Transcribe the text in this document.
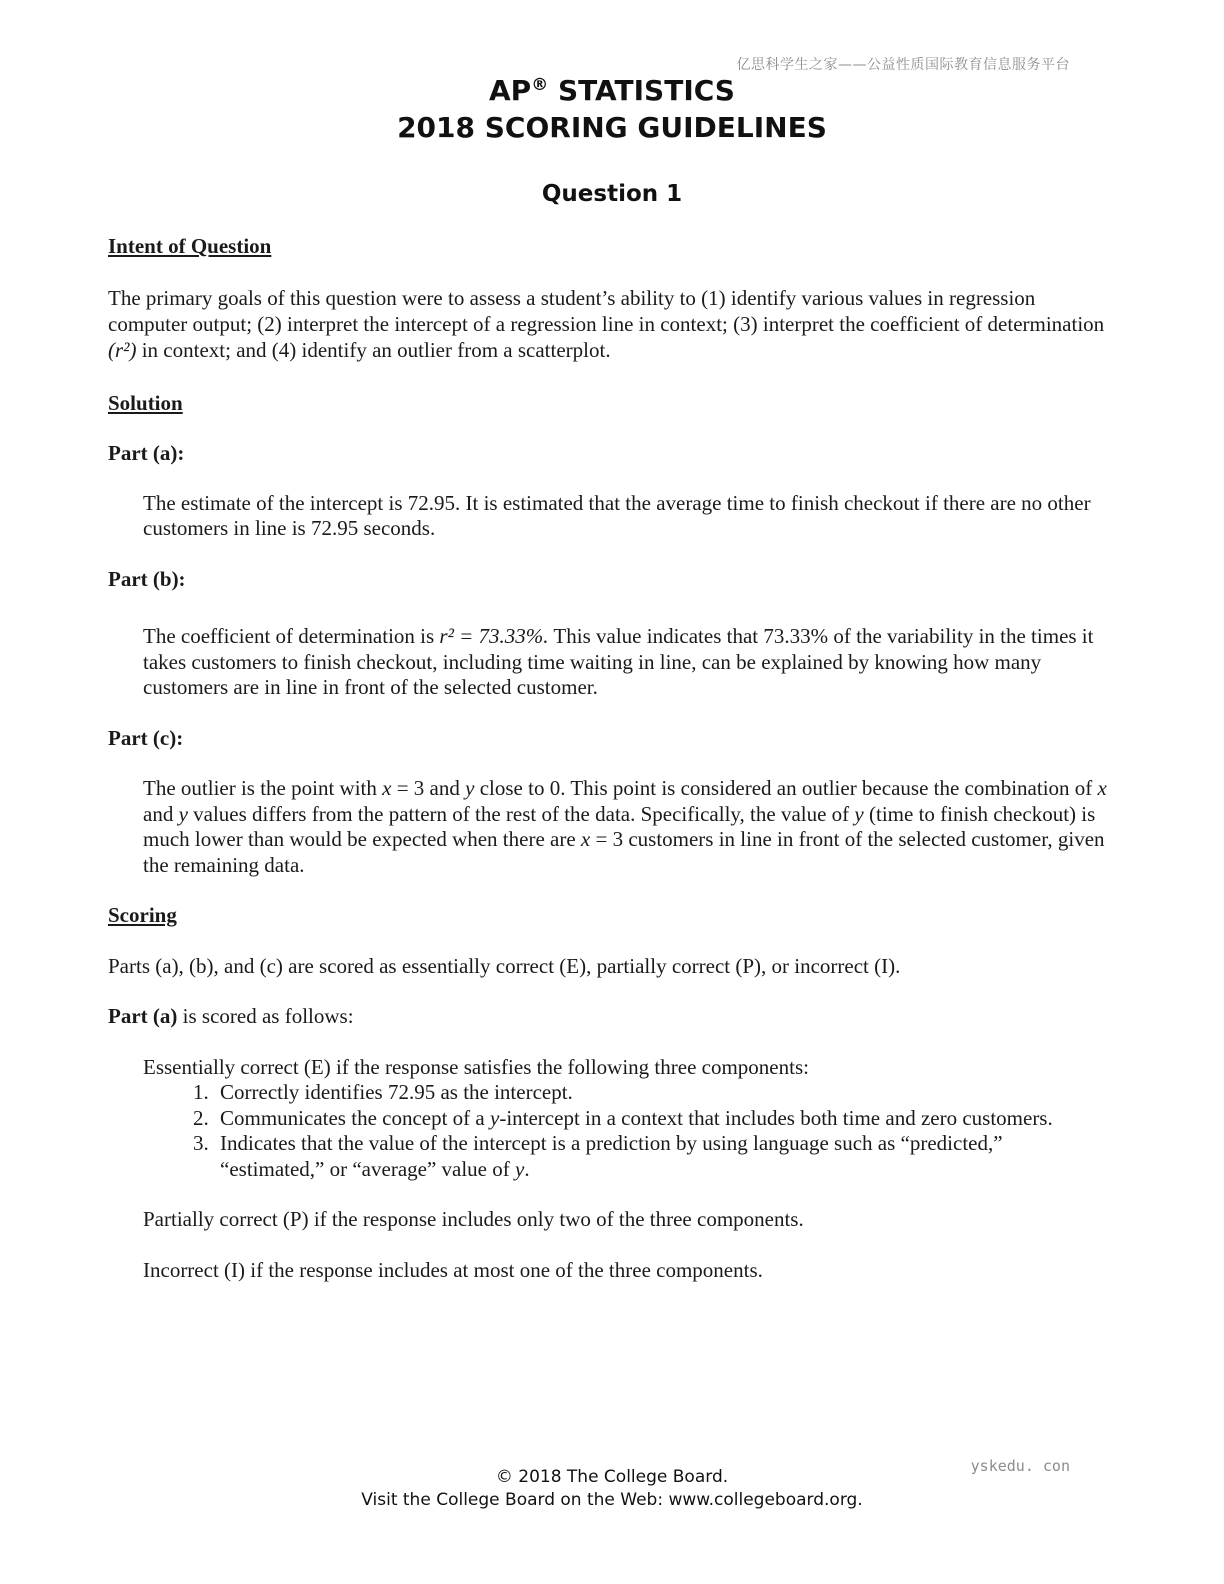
亿思科学生之家——公益性质国际教育信息服务平台
AP® STATISTICS
2018 SCORING GUIDELINES
Question 1

Intent of Question

The primary goals of this question were to assess a student’s ability to (1) identify various values in regression computer output; (2) interpret the intercept of a regression line in context; (3) interpret the coefficient of determination (r²) in context; and (4) identify an outlier from a scatterplot.

Solution

Part (a):

The estimate of the intercept is 72.95. It is estimated that the average time to finish checkout if there are no other customers in line is 72.95 seconds.

Part (b):

The coefficient of determination is r² = 73.33%. This value indicates that 73.33% of the variability in the times it takes customers to finish checkout, including time waiting in line, can be explained by knowing how many customers are in line in front of the selected customer.

Part (c):

The outlier is the point with x = 3 and y close to 0. This point is considered an outlier because the combination of x and y values differs from the pattern of the rest of the data. Specifically, the value of y (time to finish checkout) is much lower than would be expected when there are x = 3 customers in line in front of the selected customer, given the remaining data.

Scoring

Parts (a), (b), and (c) are scored as essentially correct (E), partially correct (P), or incorrect (I).

Part (a) is scored as follows:

Essentially correct (E) if the response satisfies the following three components:

1. Correctly identifies 72.95 as the intercept.
2. Communicates the concept of a y-intercept in a context that includes both time and zero customers.
3. Indicates that the value of the intercept is a prediction by using language such as “predicted,” “estimated,” or “average” value of y.

Partially correct (P) if the response includes only two of the three components.

Incorrect (I) if the response includes at most one of the three components.

yskedu. con
© 2018 The College Board.
Visit the College Board on the Web: www.collegeboard.org.
